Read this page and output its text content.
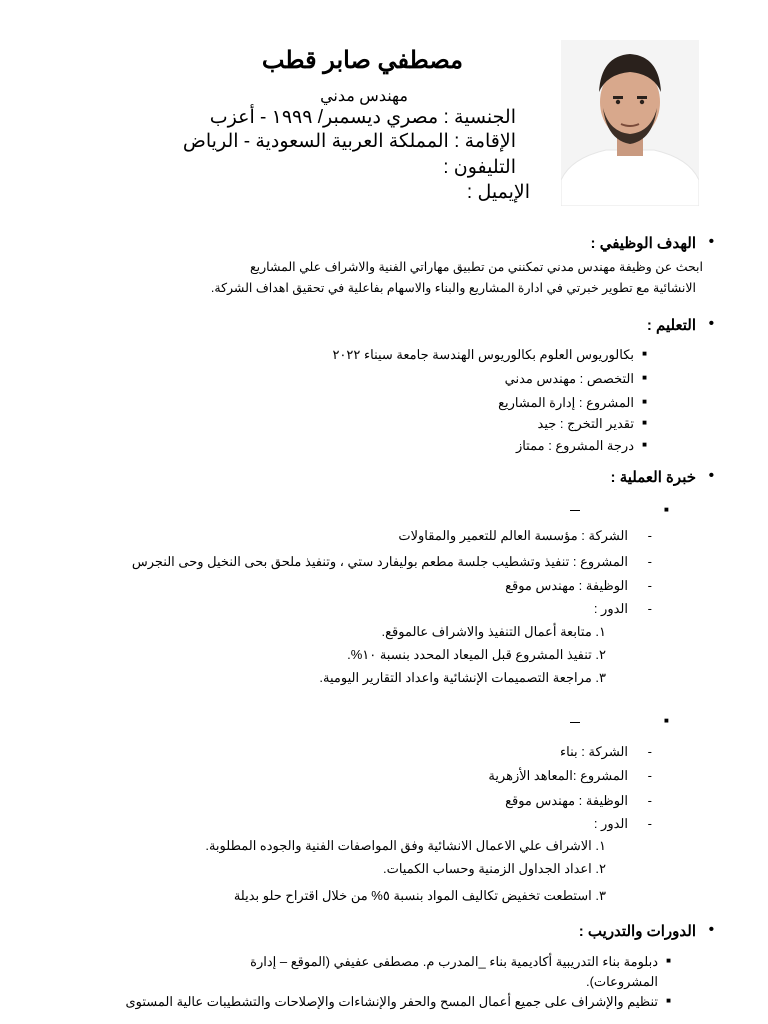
مصطفي صابر قطب
مهندس مدني
الجنسية : مصري ديسمبر/ ١٩٩٩ - أعزب
الإقامة : المملكة العربية السعودية - الرياض
التليفون :
الإيميل :
• الهدف الوظيفي :
ابحث عن وظيفة مهندس مدني تمكنني من تطبيق مهاراتي الفنية والاشراف علي المشاريع
الانشائية مع تطوير خبرتي في ادارة المشاريع والبناء والاسهام بفاعلية في تحقيق اهداف الشركة.
• التعليم :
■ بكالوريوس العلوم بكالوريوس الهندسة جامعة سيناء ٢٠٢٢
■ التخصص : مهندس مدني
■ المشروع : إدارة المشاريع
■ تقدير التخرج : جيد
■ درجة المشروع : ممتاز
• خبرة العملية :
■
- الشركة : مؤسسة العالم للتعمير والمقاولات
- المشروع : تنفيذ وتشطيب جلسة مطعم بوليفارد ستي ، وتنفيذ ملحق بحى النخيل وحى النجرس
- الوظيفة : مهندس موقع
- الدور :
١. متابعة أعمال التنفيذ والاشراف عالموقع.
٢. تنفيذ المشروع قبل الميعاد المحدد بنسبة ١٠%.
٣. مراجعة التصميمات الإنشائية واعداد التقارير اليومية.
■
- الشركة : بناء
- المشروع :المعاهد الأزهرية
- الوظيفة : مهندس موقع
- الدور :
١. الاشراف علي الاعمال الانشائية وفق المواصفات الفنية والجوده المطلوبة.
٢. اعداد الجداول الزمنية وحساب الكميات.
٣. استطعت تخفيض تكاليف المواد بنسبة ٥% من خلال اقتراح حلو بديلة
• الدورات والتدريب :
■ دبلومة بناء التدريبية أكاديمية بناء _المدرب م. مصطفى عفيفي (الموقع – إدارة
المشروعات).
■ تنظيم والإشراف على جميع أعمال المسح والحفر والإنشاءات والإصلاحات والتشطيبات عالية المستوى
